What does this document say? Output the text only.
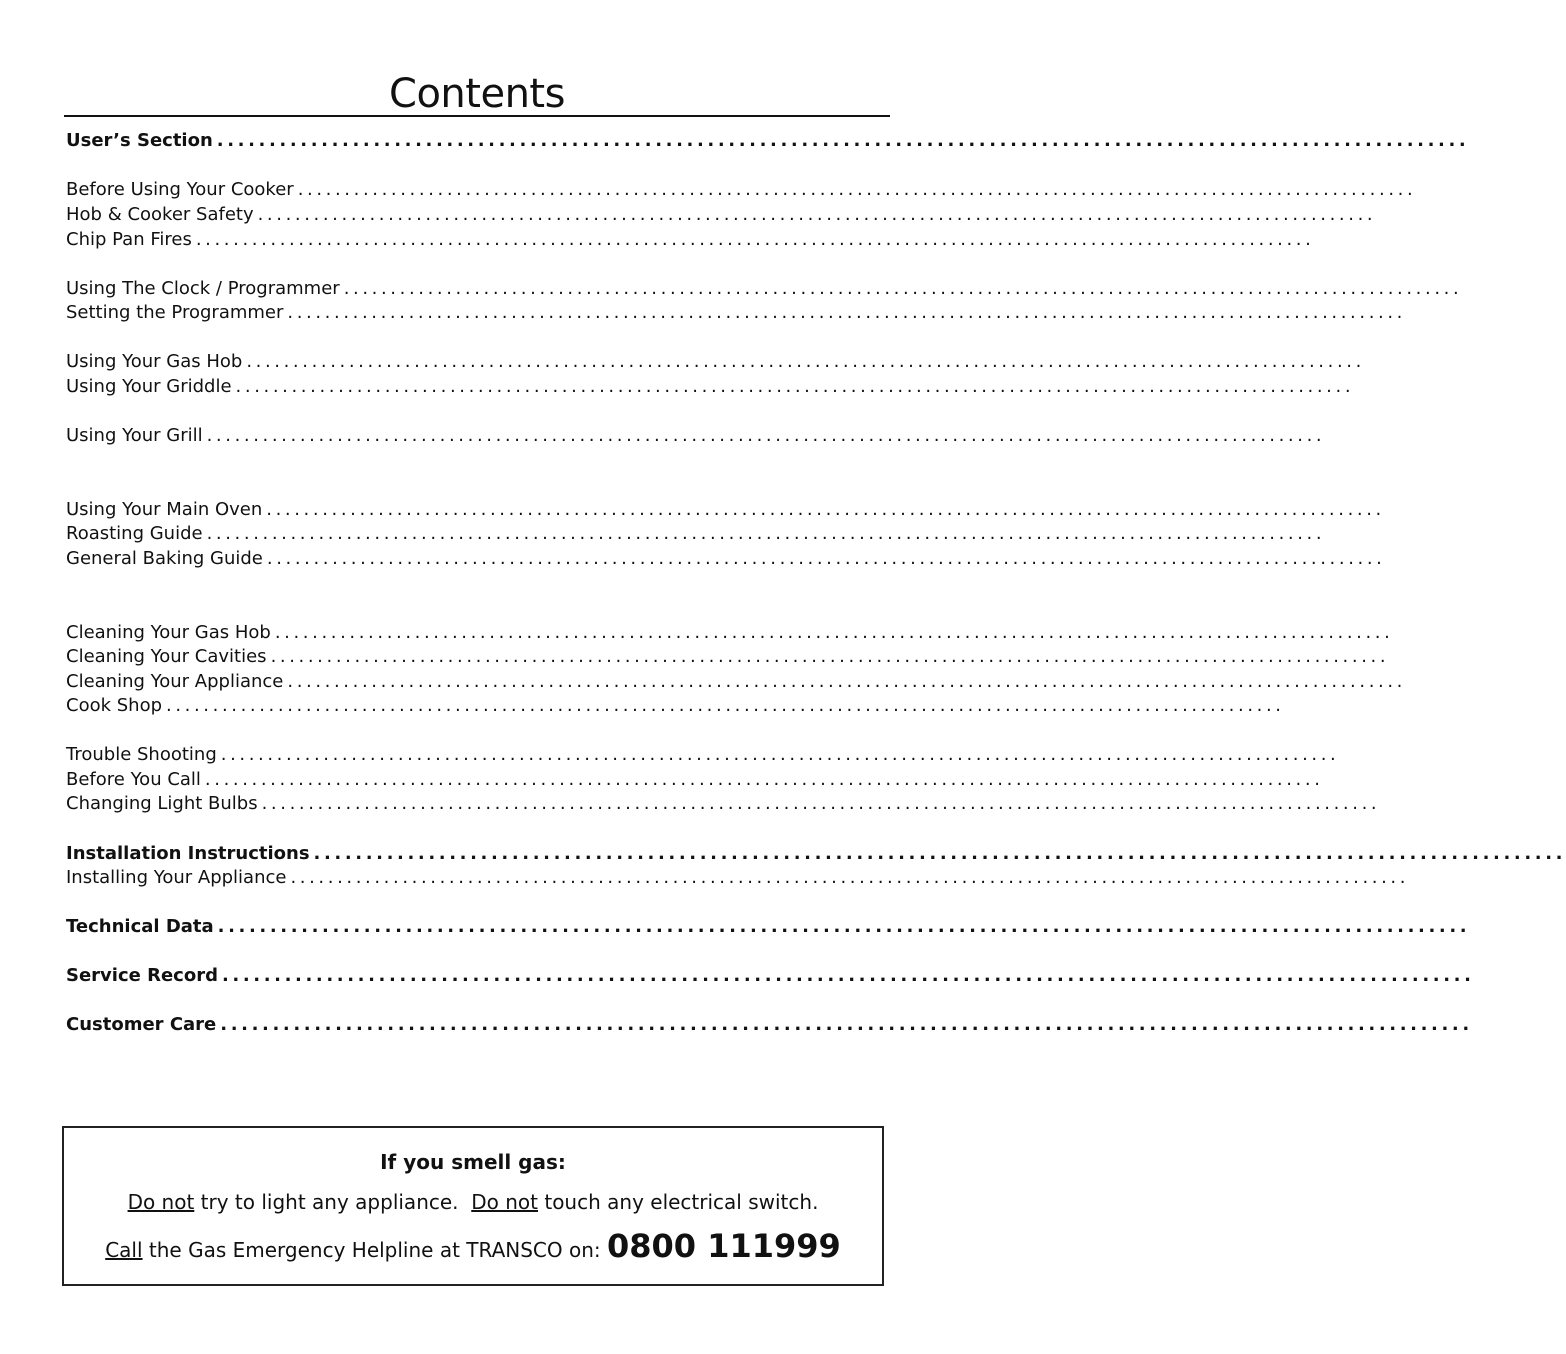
Contents
User’s Section ........................................................................................................................
Before Using Your Cooker ........................................................................................................................
Hob & Cooker Safety ........................................................................................................................
Chip Pan Fires ........................................................................................................................
Using The Clock / Programmer ........................................................................................................................
Setting the Programmer ........................................................................................................................
Using Your Gas Hob ........................................................................................................................
Using Your Griddle ........................................................................................................................
Using Your Grill ........................................................................................................................
Using Your Main Oven ........................................................................................................................
Roasting Guide ........................................................................................................................
General Baking Guide ........................................................................................................................
Cleaning Your Gas Hob ........................................................................................................................
Cleaning Your Cavities ........................................................................................................................
Cleaning Your Appliance ........................................................................................................................
Cook Shop ........................................................................................................................
Trouble Shooting ........................................................................................................................
Before You Call ........................................................................................................................
Changing Light Bulbs ........................................................................................................................
Installation Instructions ........................................................................................................................
Installing Your Appliance ........................................................................................................................
Technical Data ........................................................................................................................
Service Record ........................................................................................................................
Customer Care ........................................................................................................................
If you smell gas:
Do not try to light any appliance.  Do not touch any electrical switch.
Call the Gas Emergency Helpline at TRANSCO on: 0800 111999
